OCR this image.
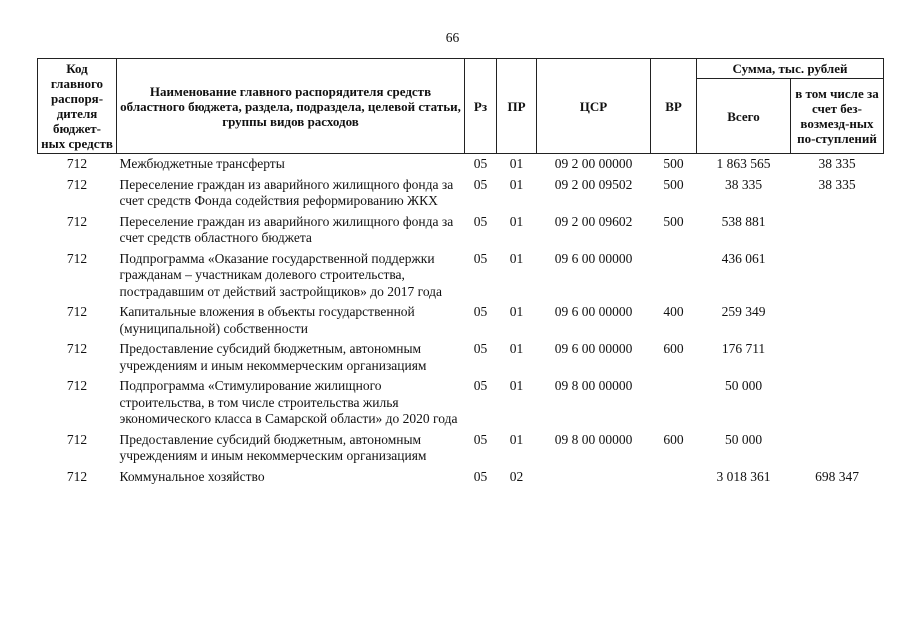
66
Код главного распоря-дителя бюджет-ных средств	Наименование главного распорядителя средств областного бюджета, раздела, подраздела, целевой статьи, группы видов расходов	Рз	ПР	ЦСР	ВР	Сумма, тыс. рублей	
						Всего	в том числе за счет без-возмезд-ных по-ступлений
712	Межбюджетные трансферты	05	01	09 2 00 00000	500	1 863 565	38 335
712	Переселение граждан из аварийного жилищного фонда за счет средств Фонда содействия реформированию ЖКХ	05	01	09 2 00 09502	500	38 335	38 335
712	Переселение граждан из аварийного жилищного фонда за счет средств областного бюджета	05	01	09 2 00 09602	500	538 881	
712	Подпрограмма «Оказание государственной поддержки гражданам – участникам долевого строительства, пострадавшим от действий застройщиков» до 2017 года	05	01	09 6 00 00000		436 061	
712	Капитальные вложения в объекты государственной (муниципальной) собственности	05	01	09 6 00 00000	400	259 349	
712	Предоставление субсидий бюджетным, автономным учреждениям и иным некоммерческим организациям	05	01	09 6 00 00000	600	176 711	
712	Подпрограмма «Стимулирование жилищного строительства, в том числе строительства жилья экономического класса в Самарской области» до 2020 года	05	01	09 8 00 00000		50 000	
712	Предоставление субсидий бюджетным, автономным учреждениям и иным некоммерческим организациям	05	01	09 8 00 00000	600	50 000	
712	Коммунальное хозяйство	05	02			3 018 361	698 347
